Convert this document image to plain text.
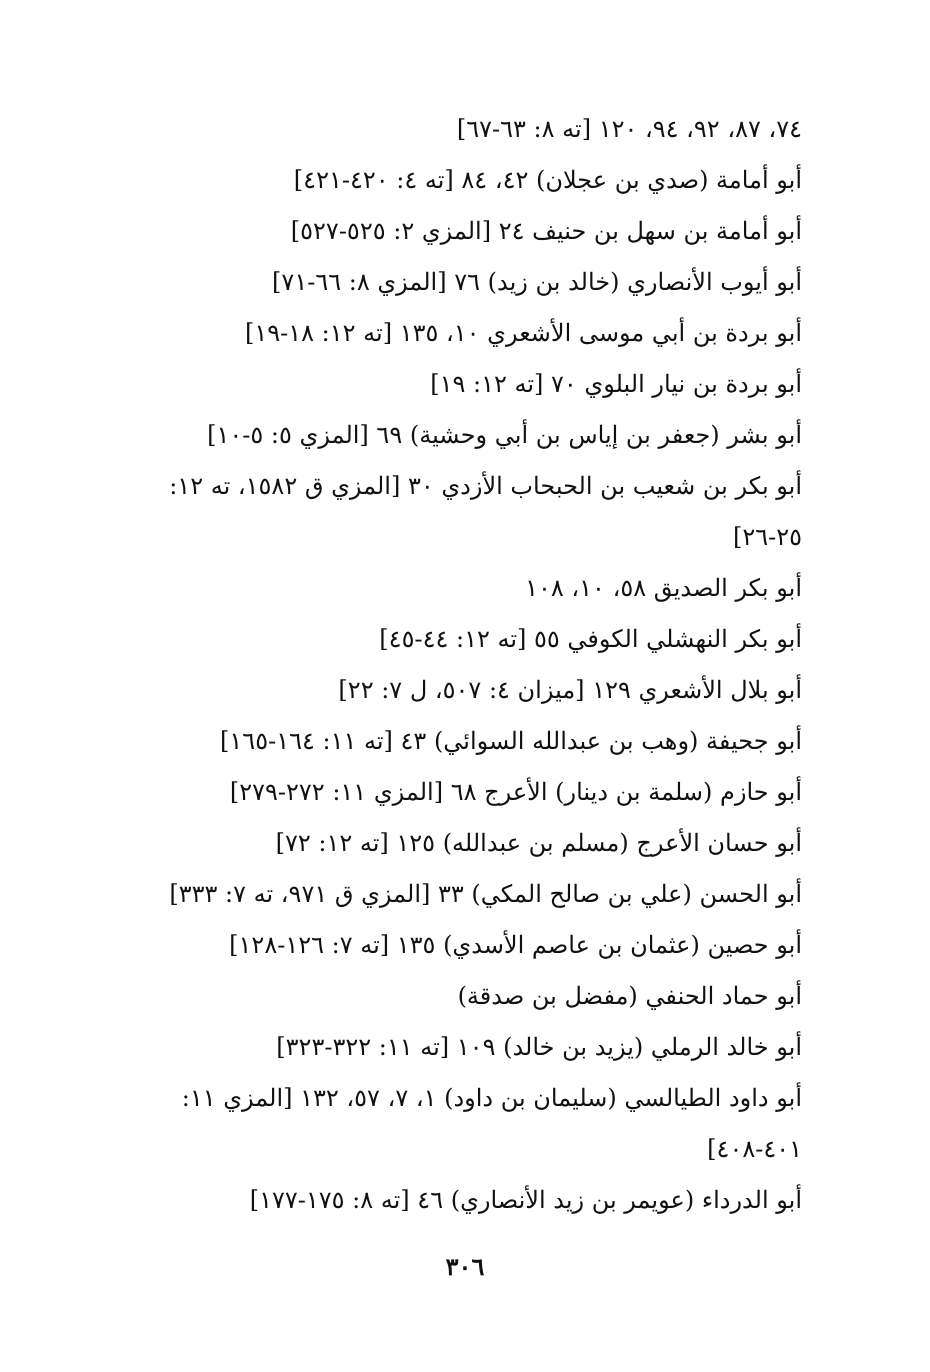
٧٤، ٨٧، ٩٢، ٩٤، ١٢٠ [ته ٨: ٦٣-٦٧]
أبو أمامة (صدي بن عجلان) ٤٢، ٨٤ [ته ٤: ٤٢٠-٤٢١]
أبو أمامة بن سهل بن حنيف ٢٤ [المزي ٢: ٥٢٥-٥٢٧]
أبو أيوب الأنصاري (خالد بن زيد) ٧٦ [المزي ٨: ٦٦-٧١]
أبو بردة بن أبي موسى الأشعري ١٠، ١٣٥ [ته ١٢: ١٨-١٩]
أبو بردة بن نيار البلوي ٧٠ [ته ١٢: ١٩]
أبو بشر (جعفر بن إياس بن أبي وحشية) ٦٩ [المزي ٥: ٥-١٠]
أبو بكر بن شعيب بن الحبحاب الأزدي ٣٠ [المزي ق ١٥٨٢، ته ١٢: ٢٥-٢٦]
أبو بكر الصديق ٥٨، ١٠، ١٠٨
أبو بكر النهشلي الكوفي ٥٥ [ته ١٢: ٤٤-٤٥]
أبو بلال الأشعري ١٢٩ [ميزان ٤: ٥٠٧، ل ٧: ٢٢]
أبو جحيفة (وهب بن عبدالله السوائي) ٤٣ [ته ١١: ١٦٤-١٦٥]
أبو حازم (سلمة بن دينار) الأعرج ٦٨ [المزي ١١: ٢٧٢-٢٧٩]
أبو حسان الأعرج (مسلم بن عبدالله) ١٢٥ [ته ١٢: ٧٢]
أبو الحسن (علي بن صالح المكي) ٣٣ [المزي ق ٩٧١، ته ٧: ٣٣٣]
أبو حصين (عثمان بن عاصم الأسدي) ١٣٥ [ته ٧: ١٢٦-١٢٨]
أبو حماد الحنفي (مفضل بن صدقة)
أبو خالد الرملي (يزيد بن خالد) ١٠٩ [ته ١١: ٣٢٢-٣٢٣]
أبو داود الطيالسي (سليمان بن داود) ١، ٧، ٥٧، ١٣٢ [المزي ١١: ٤٠١-٤٠٨]
أبو الدرداء (عويمر بن زيد الأنصاري) ٤٦ [ته ٨: ١٧٥-١٧٧]
٣٠٦
